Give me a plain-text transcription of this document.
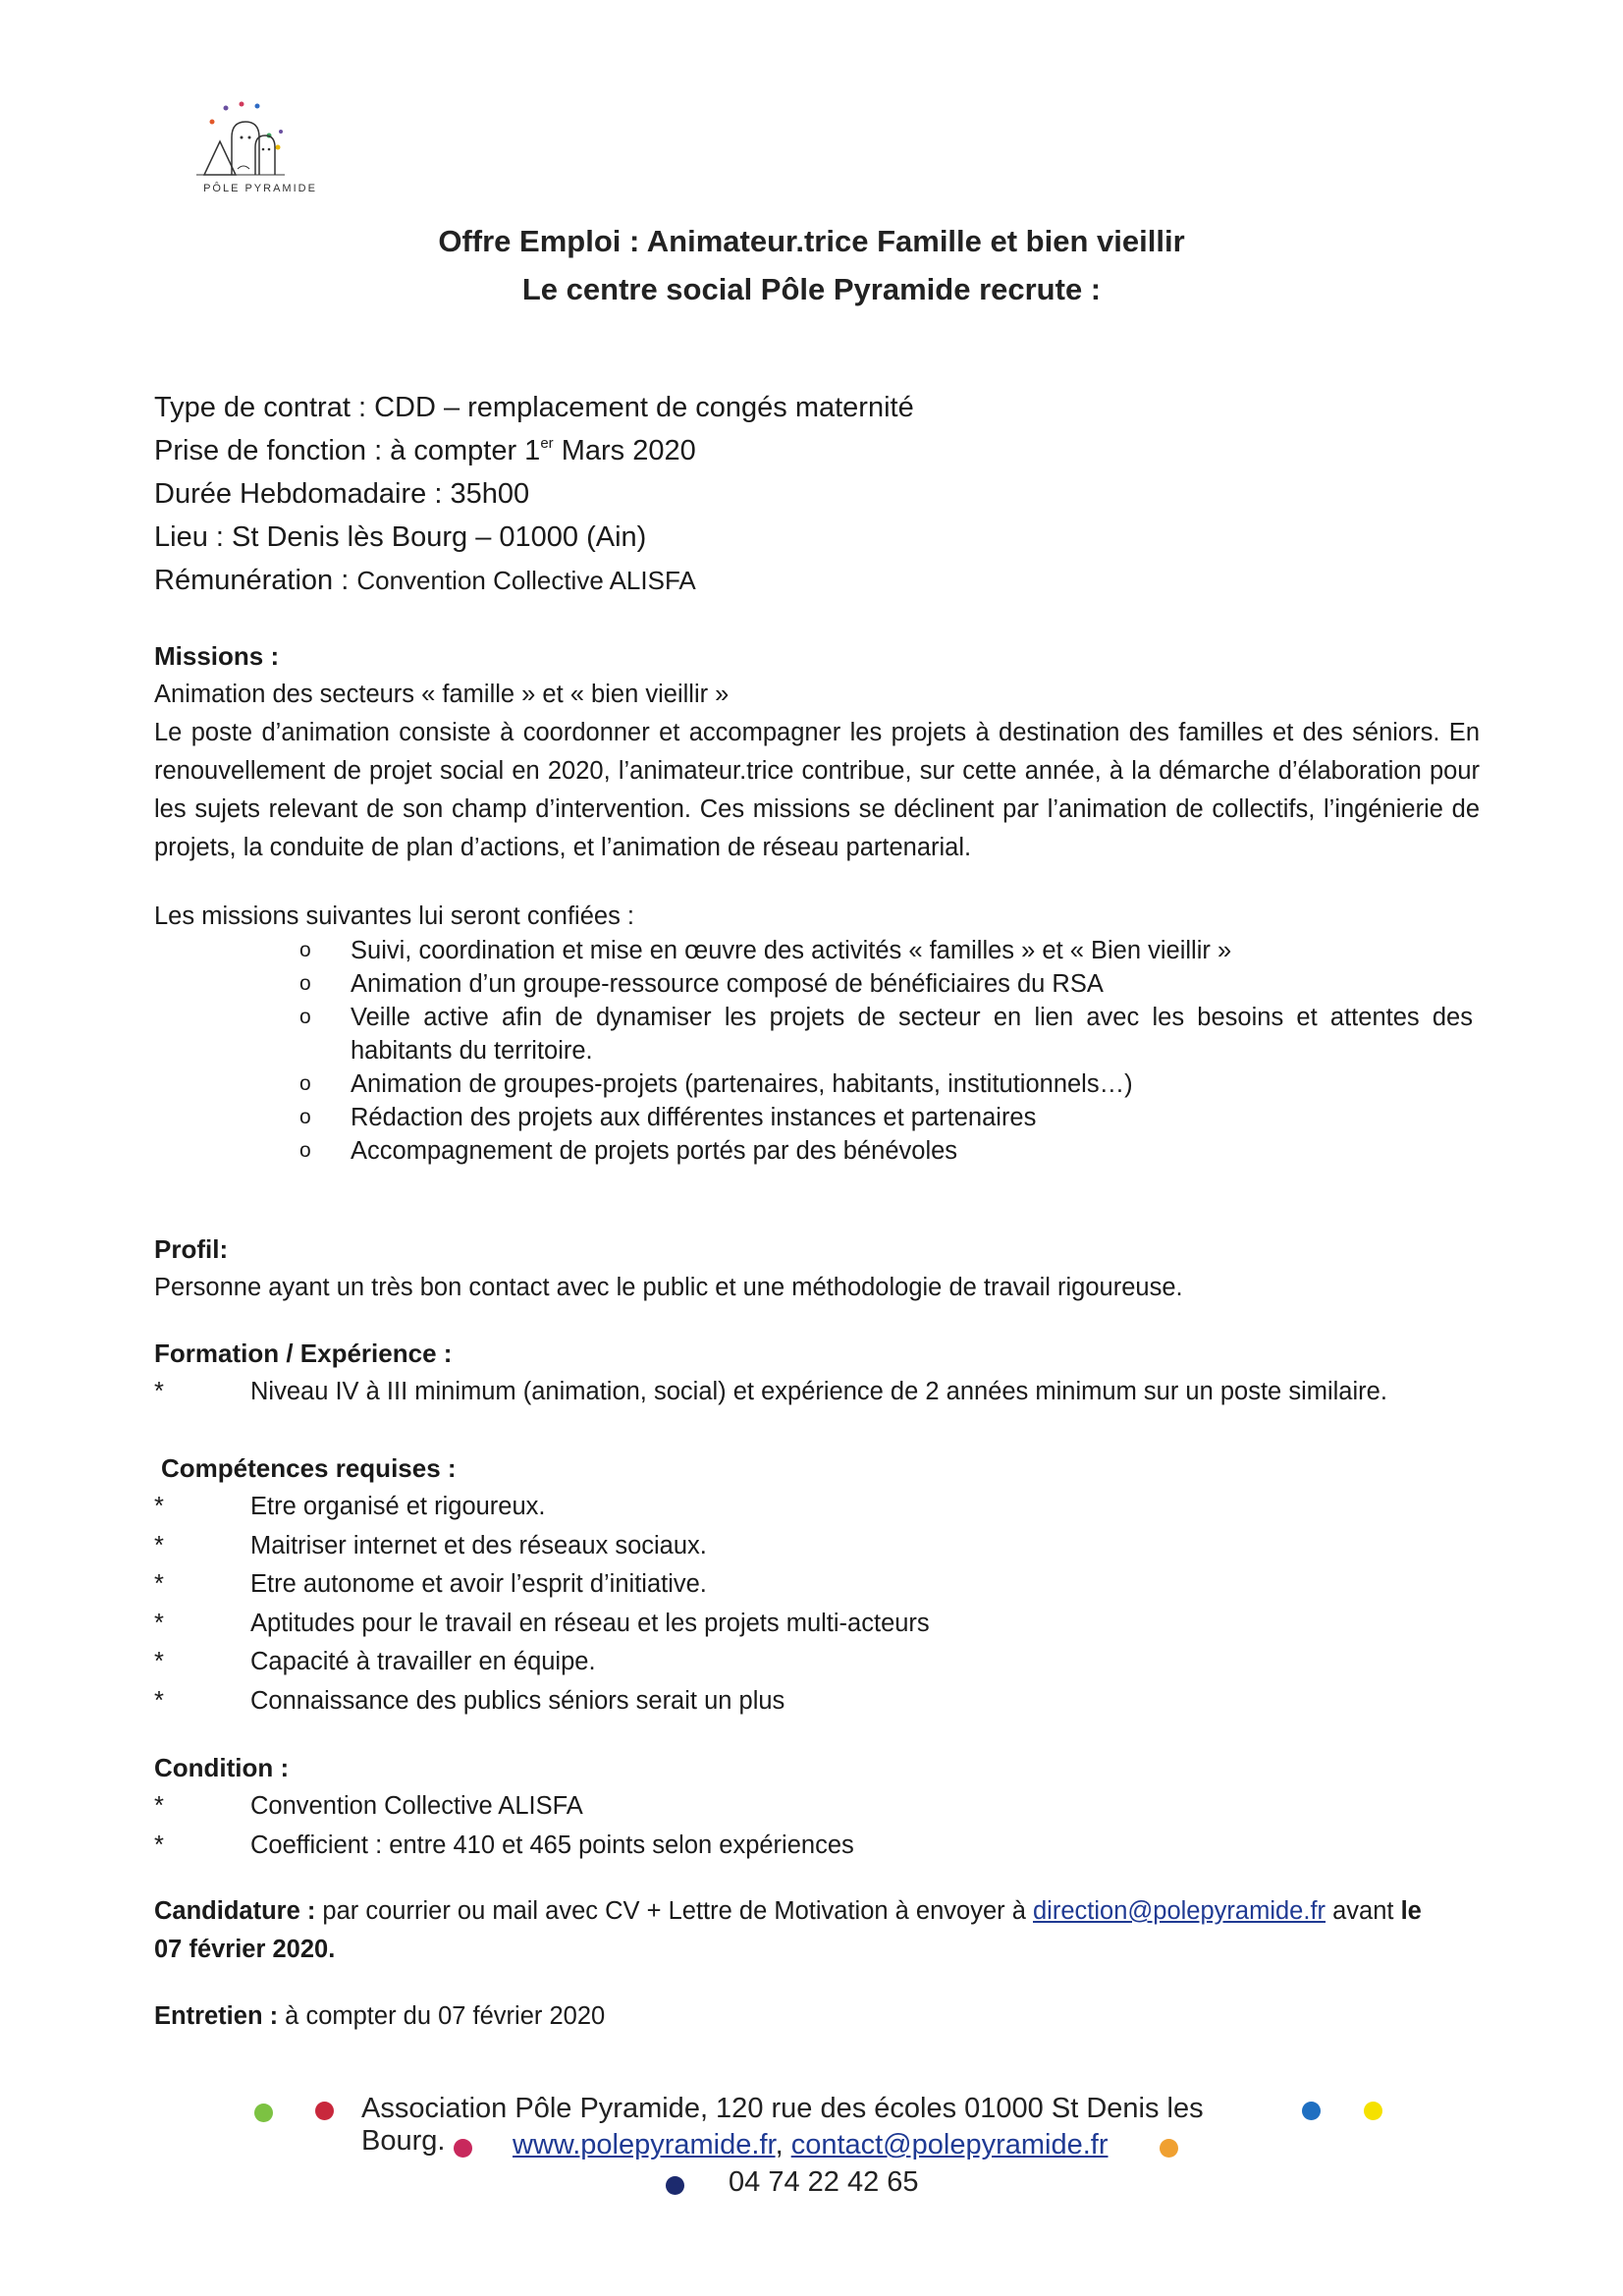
PÔLE PYRAMIDE
Offre Emploi : Animateur.trice Famille et bien vieillir
Le centre social Pôle Pyramide recrute :
Type de contrat : CDD – remplacement de congés maternité
Prise de fonction : à compter 1er Mars 2020
Durée Hebdomadaire : 35h00
Lieu : St Denis lès Bourg – 01000 (Ain)
Rémunération : Convention Collective ALISFA
Missions :
Animation des secteurs « famille » et « bien vieillir »
Le poste d’animation consiste à coordonner et accompagner les projets à destination des familles et des séniors. En renouvellement de projet social en 2020, l’animateur.trice contribue, sur cette année, à la démarche d’élaboration pour les sujets relevant de son champ d’intervention. Ces missions se déclinent par l’animation de collectifs, l’ingénierie de projets, la conduite de plan d’actions, et l’animation de réseau partenarial.
Les missions suivantes lui seront confiées :
o Suivi, coordination et mise en œuvre des activités « familles » et « Bien vieillir »
o Animation d’un groupe-ressource composé de bénéficiaires du RSA
o Veille active afin de dynamiser les projets de secteur en lien avec les besoins et attentes des habitants du territoire.
o Animation de groupes-projets (partenaires, habitants, institutionnels…)
o Rédaction des projets aux différentes instances et partenaires
o Accompagnement de projets portés par des bénévoles
Profil:
Personne ayant un très bon contact avec le public et une méthodologie de travail rigoureuse.
Formation / Expérience :
*	Niveau IV à III minimum (animation, social) et expérience de 2 années minimum sur un poste similaire.
Compétences requises :
*	Etre organisé et rigoureux.
*	Maitriser internet et des réseaux sociaux.
*	Etre autonome et avoir l’esprit d’initiative.
*	Aptitudes pour le travail en réseau et les projets multi-acteurs
*	Capacité à travailler en équipe.
*	Connaissance des publics séniors serait un plus
Condition :
*	Convention Collective ALISFA
*	Coefficient : entre 410 et 465 points selon expériences
Candidature : par courrier ou mail avec CV + Lettre de Motivation à envoyer à direction@polepyramide.fr avant le
07 février 2020.
Entretien : à compter du 07 février 2020
Association Pôle Pyramide, 120 rue des écoles 01000 St Denis les Bourg.	www.polepyramide.fr, contact@polepyramide.fr
04 74 22 42 65
